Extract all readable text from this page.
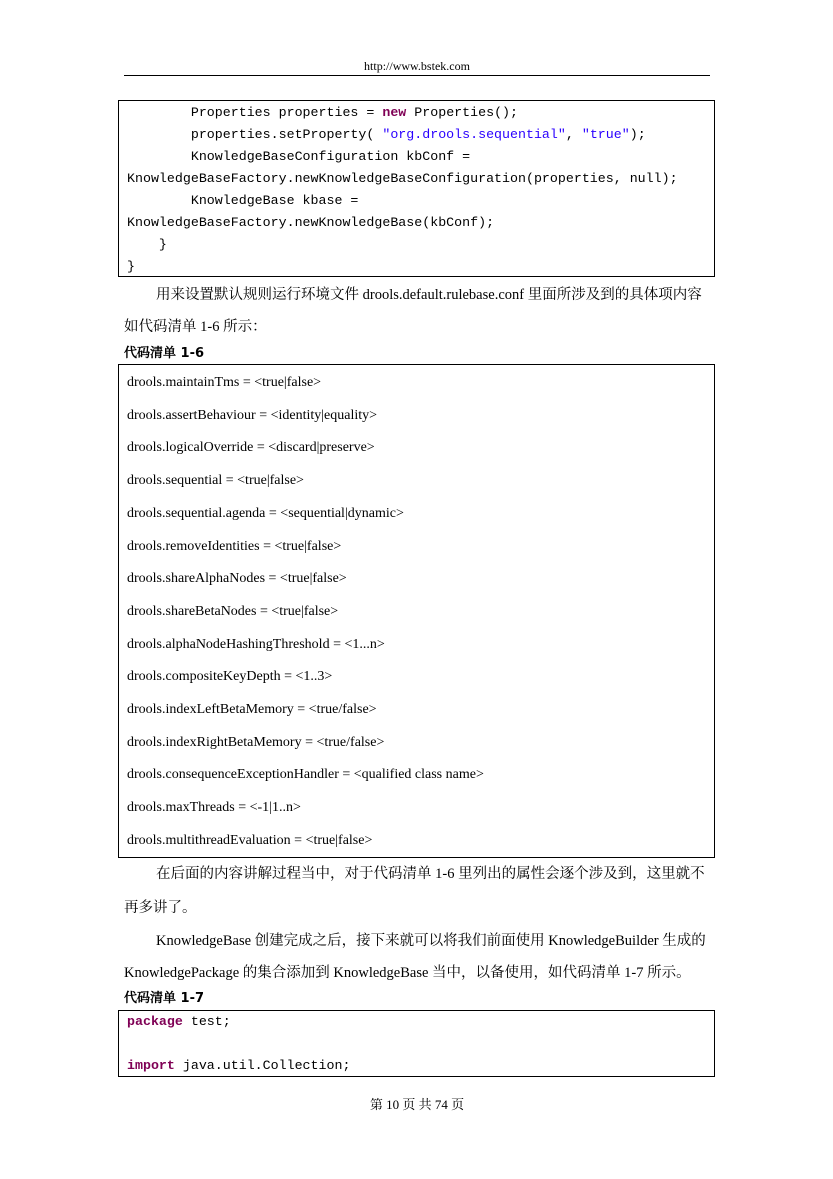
http://www.bstek.com
Properties properties = new Properties();
properties.setProperty( "org.drools.sequential", "true");
KnowledgeBaseConfiguration kbConf =
KnowledgeBaseFactory.newKnowledgeBaseConfiguration(properties, null);
KnowledgeBase kbase =
KnowledgeBaseFactory.newKnowledgeBase(kbConf);
}
}
用来设置默认规则运行环境文件 drools.default.rulebase.conf 里面所涉及到的具体项内容
如代码清单 1-6 所示：
代码清单 1-6
drools.maintainTms = <true|false>
drools.assertBehaviour = <identity|equality>
drools.logicalOverride = <discard|preserve>
drools.sequential = <true|false>
drools.sequential.agenda = <sequential|dynamic>
drools.removeIdentities = <true|false>
drools.shareAlphaNodes = <true|false>
drools.shareBetaNodes = <true|false>
drools.alphaNodeHashingThreshold = <1...n>
drools.compositeKeyDepth = <1..3>
drools.indexLeftBetaMemory = <true/false>
drools.indexRightBetaMemory = <true/false>
drools.consequenceExceptionHandler = <qualified class name>
drools.maxThreads = <-1|1..n>
drools.multithreadEvaluation = <true|false>
在后面的内容讲解过程当中，对于代码清单 1-6 里列出的属性会逐个涉及到，这里就不
再多讲了。
KnowledgeBase 创建完成之后，接下来就可以将我们前面使用 KnowledgeBuilder 生成的
KnowledgePackage 的集合添加到 KnowledgeBase 当中，以备使用，如代码清单 1-7 所示。
代码清单 1-7
package test;
import java.util.Collection;
第 10 页 共 74 页
